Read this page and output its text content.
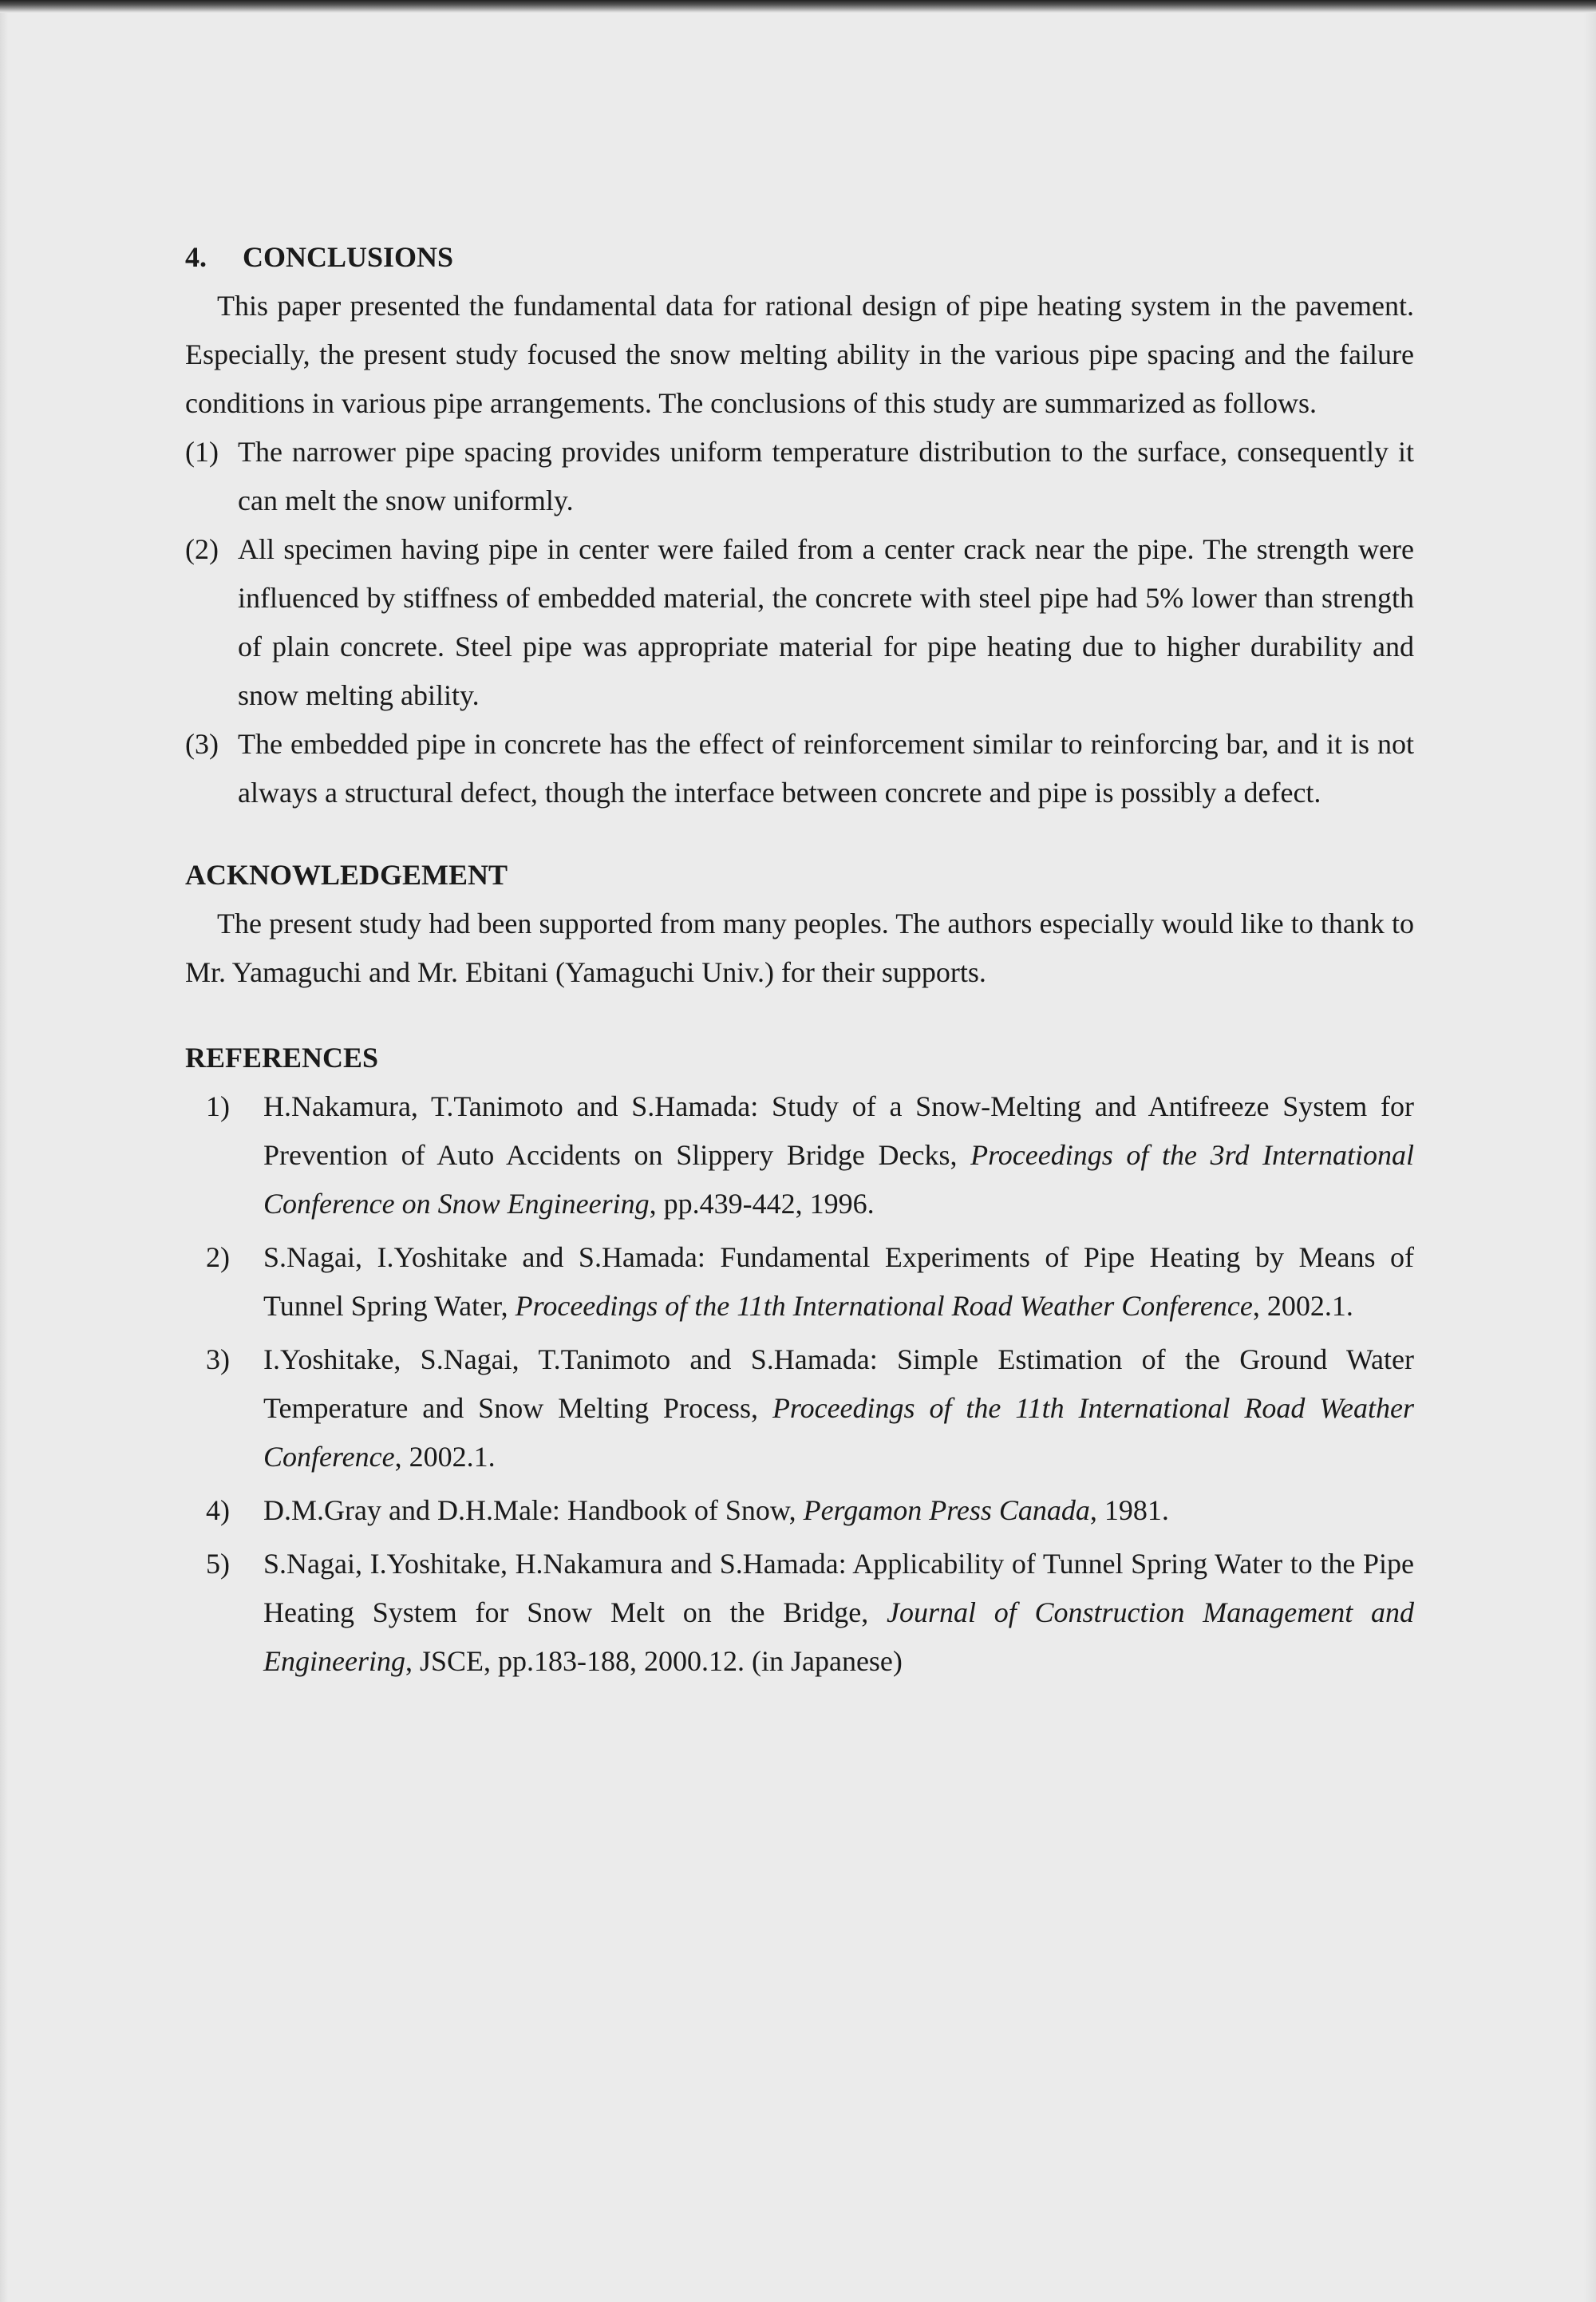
4. CONCLUSIONS

This paper presented the fundamental data for rational design of pipe heating system in the pavement. Especially, the present study focused the snow melting ability in the various pipe spacing and the failure conditions in various pipe arrangements. The conclusions of this study are summarized as follows.

(1) The narrower pipe spacing provides uniform temperature distribution to the surface, consequently it can melt the snow uniformly.
(2) All specimen having pipe in center were failed from a center crack near the pipe. The strength were influenced by stiffness of embedded material, the concrete with steel pipe had 5% lower than strength of plain concrete. Steel pipe was appropriate material for pipe heating due to higher durability and snow melting ability.
(3) The embedded pipe in concrete has the effect of reinforcement similar to reinforcing bar, and it is not always a structural defect, though the interface between concrete and pipe is possibly a defect.
ACKNOWLEDGEMENT

The present study had been supported from many peoples. The authors especially would like to thank to Mr. Yamaguchi and Mr. Ebitani (Yamaguchi Univ.) for their supports.

REFERENCES
1) H.Nakamura, T.Tanimoto and S.Hamada: Study of a Snow-Melting and Antifreeze System for Prevention of Auto Accidents on Slippery Bridge Decks, Proceedings of the 3rd International Conference on Snow Engineering, pp.439-442, 1996.
2) S.Nagai, I.Yoshitake and S.Hamada: Fundamental Experiments of Pipe Heating by Means of Tunnel Spring Water, Proceedings of the 11th International Road Weather Conference, 2002.1.
3) I.Yoshitake, S.Nagai, T.Tanimoto and S.Hamada: Simple Estimation of the Ground Water Temperature and Snow Melting Process, Proceedings of the 11th International Road Weather Conference, 2002.1.
4) D.M.Gray and D.H.Male: Handbook of Snow, Pergamon Press Canada, 1981.
5) S.Nagai, I.Yoshitake, H.Nakamura and S.Hamada: Applicability of Tunnel Spring Water to the Pipe Heating System for Snow Melt on the Bridge, Journal of Construction Management and Engineering, JSCE, pp.183-188, 2000.12. (in Japanese)
